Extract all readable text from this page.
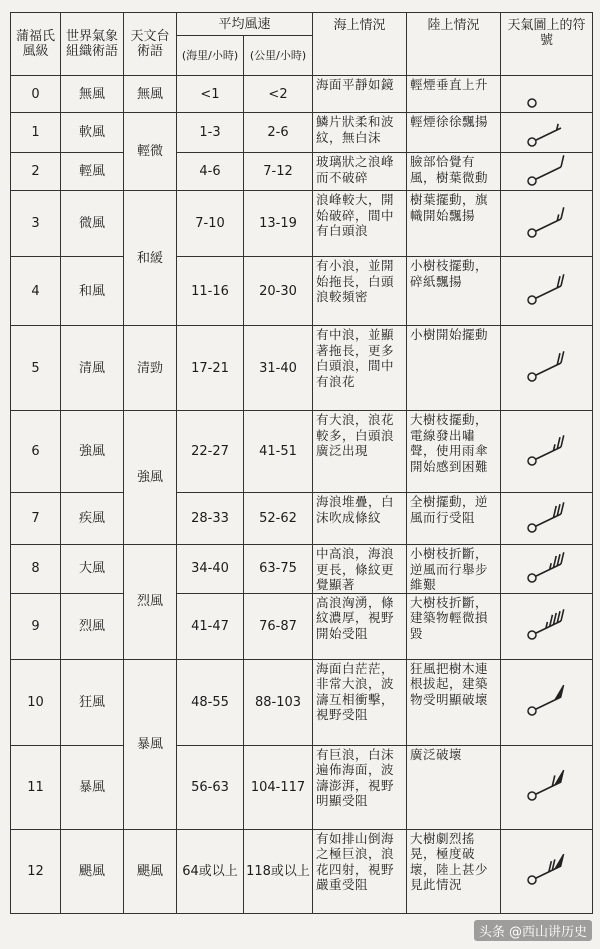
蒲福氏風級	世界氣象組織術語	天文台術語	平均風速		海上情況	陸上情況	天氣圖上的符號
			(海里/小時)	(公里/小時)			
0	無風	無風	<1	<2	海面平靜如鏡	輕煙垂直上升	

1	軟風	輕微	1-3	2-6	鱗片狀柔和波紋，無白沫	輕煙徐徐飄揚	

2	輕風		4-6	7-12	玻璃狀之浪峰而不破碎	臉部恰覺有風，樹葉微動	

3	微風	和緩	7-10	13-19	浪峰較大，開始破碎，間中有白頭浪	樹葉擺動，旗幟開始飄揚	

4	和風		11-16	20-30	有小浪，並開始拖長，白頭浪較頻密	小樹枝擺動，碎紙飄揚	

5	清風	清勁	17-21	31-40	有中浪，並顯著拖長，更多白頭浪，間中有浪花	小樹開始擺動	

6	強風	強風	22-27	41-51	有大浪，浪花較多，白頭浪廣泛出現	大樹枝擺動，電線發出嘯聲，使用雨傘開始感到困難	

7	疾風		28-33	52-62	海浪堆疊，白沫吹成條紋	全樹擺動，逆風而行受阻	

8	大風	烈風	34-40	63-75	中高浪，海浪更長，條紋更覺顯著	小樹枝折斷，逆風而行舉步維艱	

9	烈風		41-47	76-87	高浪洶湧，條紋濃厚，視野開始受阻	大樹枝折斷，建築物輕微損毀	

10	狂風	暴風	48-55	88-103	海面白茫茫，非常大浪，波濤互相衝擊，視野受阻	狂風把樹木連根拔起，建築物受明顯破壞	

11	暴風		56-63	104-117	有巨浪，白沫遍佈海面，波濤澎湃，視野明顯受阻	廣泛破壞	

12	颶風	颶風	64或以上	118或以上	有如排山倒海之極巨浪，浪花四射，視野嚴重受阻	大樹劇烈搖晃，極度破壞，陸上甚少見此情況	
头条 @西山讲历史
